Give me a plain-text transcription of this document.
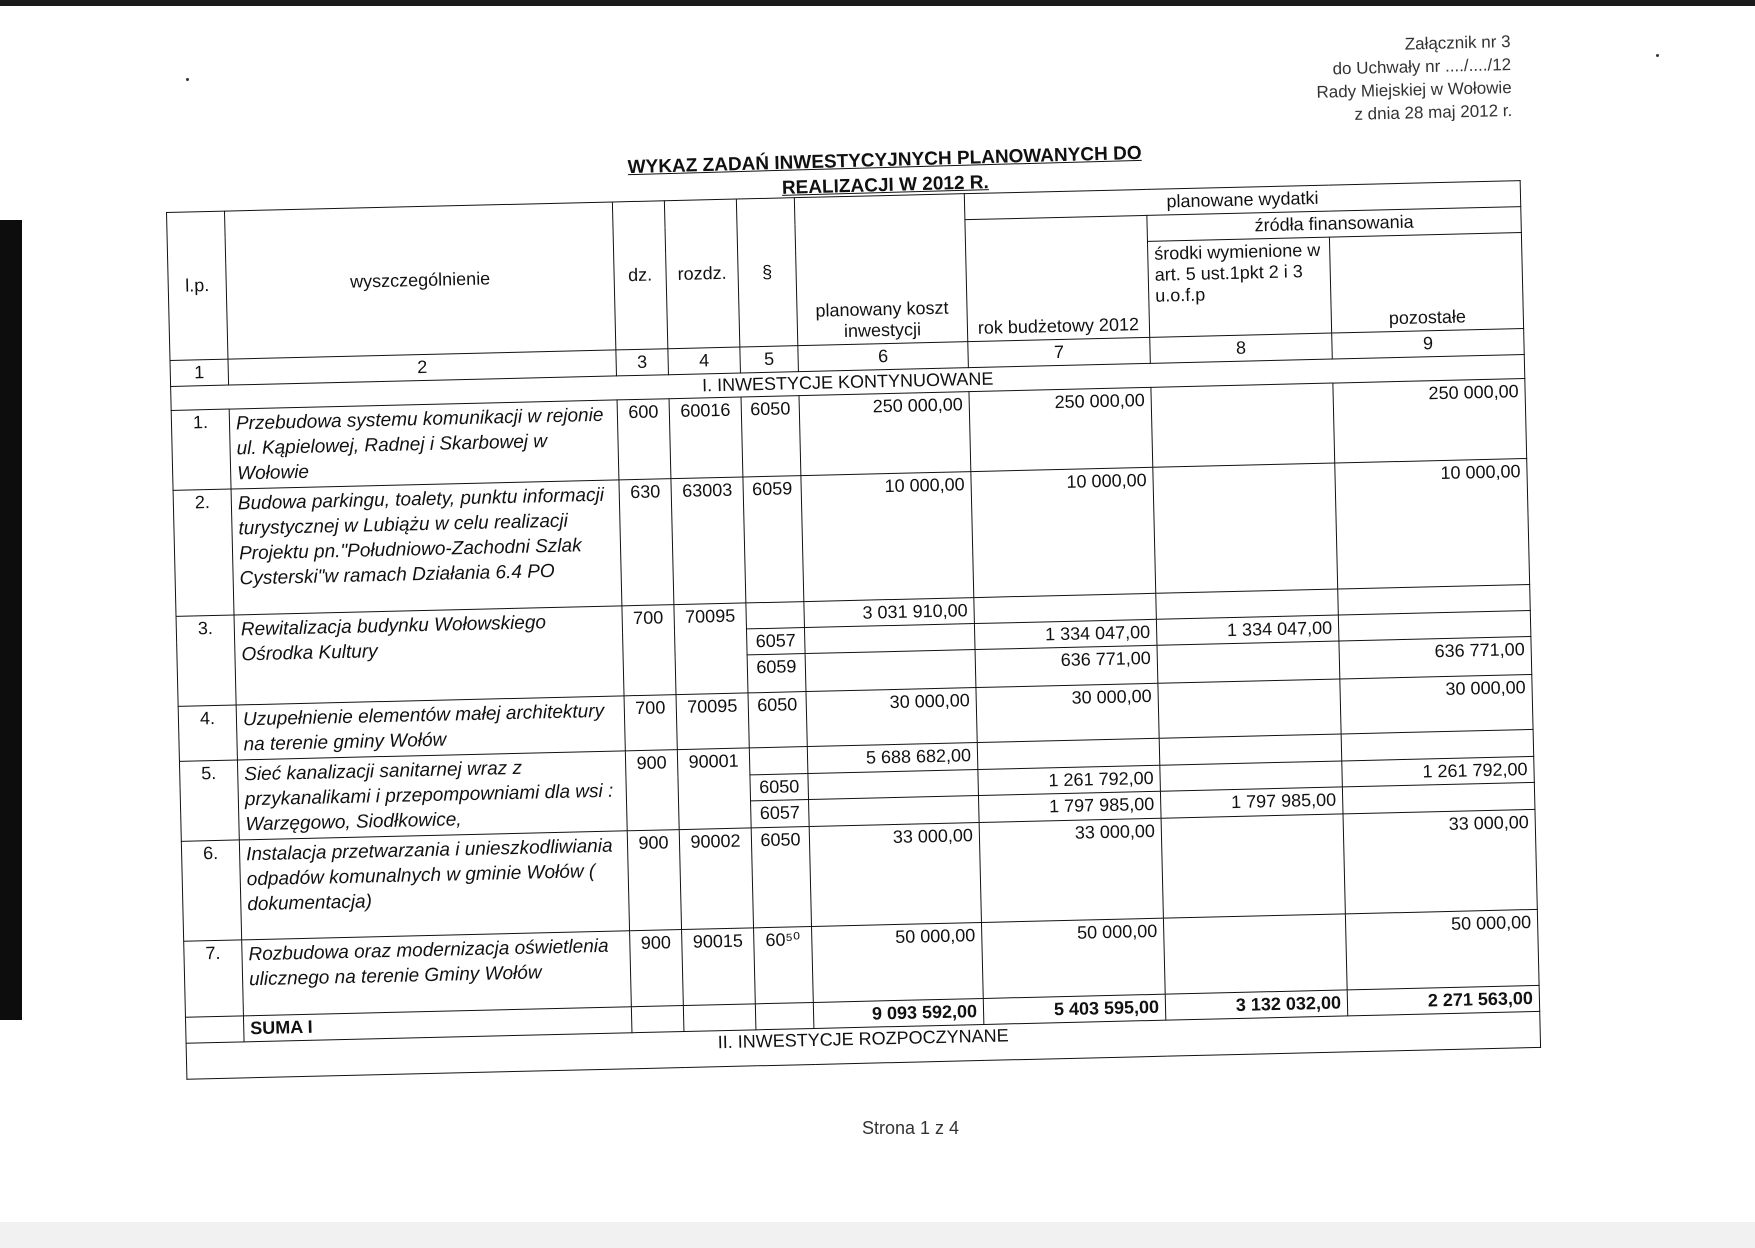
Załącznik nr 3
do Uchwały nr ..../..../12
Rady Miejskiej w Wołowie
z dnia 28 maj 2012 r.
WYKAZ ZADAŃ INWESTYCYJNYCH PLANOWANYCH DO
REALIZACJI W 2012 R.
l.p.	wyszczególnienie	dz.	rozdz.	§	planowany koszt inwestycji	planowane wydatki		
						rok budżetowy 2012	źródła finansowania	
							środki wymienione w art. 5 ust.1pkt 2 i 3 u.o.f.p	pozostałe
1	2	3	4	5	6	7	8	9
I. INWESTYCJE KONTYNUOWANE								
1.	Przebudowa systemu komunikacji w rejonie ul. Kąpielowej, Radnej i Skarbowej w Wołowie	600	60016	6050	250 000,00	250 000,00		250 000,00
2.	Budowa parkingu, toalety, punktu informacji turystycznej w Lubiążu w celu realizacji Projektu pn."Południowo-Zachodni Szlak Cysterski"w ramach Działania 6.4 PO	630	63003	6059	10 000,00	10 000,00		10 000,00
3.	Rewitalizacja budynku Wołowskiego Ośrodka Kultury	700	70095		3 031 910,00			
				6057		1 334 047,00	1 334 047,00	
				6059		636 771,00		636 771,00
4.	Uzupełnienie elementów małej architektury na terenie gminy Wołów	700	70095	6050	30 000,00	30 000,00		30 000,00
5.	Sieć kanalizacji sanitarnej wraz z przykanalikami i przepompowniami dla wsi : Warzęgowo, Siodłkowice,	900	90001		5 688 682,00			
				6050		1 261 792,00		1 261 792,00
				6057		1 797 985,00	1 797 985,00	
6.	Instalacja przetwarzania i unieszkodliwiania odpadów komunalnych w gminie Wołów ( dokumentacja)	900	90002	6050	33 000,00	33 000,00		33 000,00
7.	Rozbudowa oraz modernizacja oświetlenia ulicznego na terenie Gminy Wołów	900	90015	60⁵⁰	50 000,00	50 000,00		50 000,00
	SUMA I				9 093 592,00	5 403 595,00	3 132 032,00	2 271 563,00
II. INWESTYCJE ROZPOCZYNANE								
Strona 1 z 4
